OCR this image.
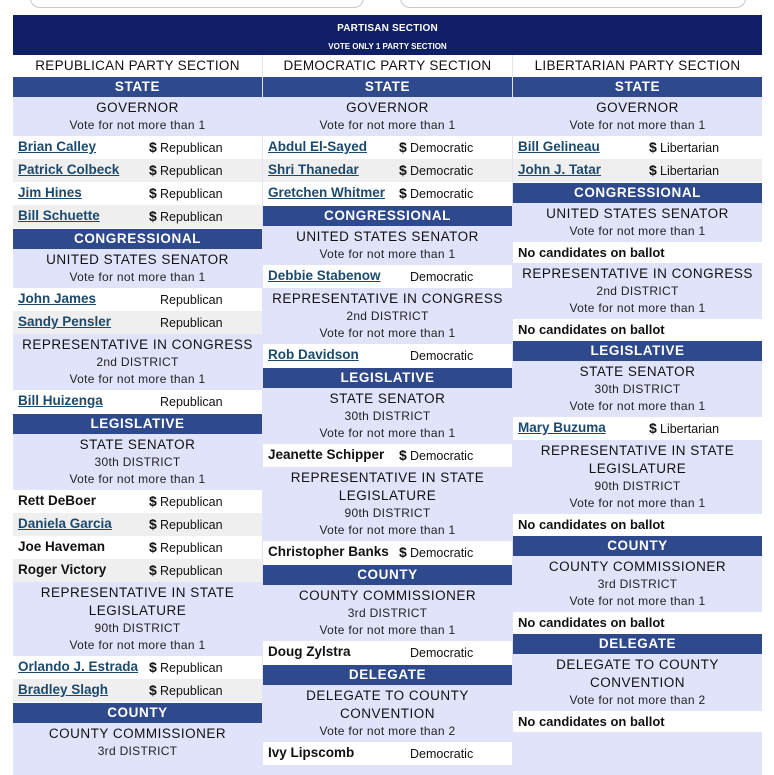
PARTISAN SECTION
VOTE ONLY 1 PARTY SECTION
REPUBLICAN PARTY SECTION
STATE
GOVERNOR
Vote for not more than 1
Brian Calley	$ Republican
Patrick Colbeck $ Republican
Jim Hines	$ Republican
Bill Schuette	$ Republican
CONGRESSIONAL
UNITED STATES SENATOR
Vote for not more than 1
John James	Republican
Sandy Pensler	Republican
REPRESENTATIVE IN CONGRESS
2nd DISTRICT
Vote for not more than 1
Bill Huizenga	Republican
LEGISLATIVE
STATE SENATOR
30th DISTRICT
Vote for not more than 1
Rett DeBoer	$ Republican
Daniela Garcia	$ Republican
Joe Haveman	$ Republican
Roger Victory	$ Republican
REPRESENTATIVE IN STATE LEGISLATURE
90th DISTRICT
Vote for not more than 1
Orlando J. Estrada $ Republican
Bradley Slagh	$ Republican
COUNTY
COUNTY COMMISSIONER
3rd DISTRICT
DEMOCRATIC PARTY SECTION
STATE
GOVERNOR
Vote for not more than 1
Abdul El-Sayed $ Democratic
Shri Thanedar	$ Democratic
Gretchen Whitmer $ Democratic
CONGRESSIONAL
UNITED STATES SENATOR
Vote for not more than 1
Debbie Stabenow Democratic
REPRESENTATIVE IN CONGRESS
2nd DISTRICT
Vote for not more than 1
Rob Davidson	Democratic
LEGISLATIVE
STATE SENATOR
30th DISTRICT
Vote for not more than 1
Jeanette Schipper $ Democratic
REPRESENTATIVE IN STATE LEGISLATURE
90th DISTRICT
Vote for not more than 1
Christopher Banks $ Democratic
COUNTY
COUNTY COMMISSIONER
3rd DISTRICT
Vote for not more than 1
Doug Zylstra	Democratic
DELEGATE
DELEGATE TO COUNTY CONVENTION
Vote for not more than 2
Ivy Lipscomb	Democratic
LIBERTARIAN PARTY SECTION
STATE
GOVERNOR
Vote for not more than 1
Bill Gelineau	$ Libertarian
John J. Tatar	$ Libertarian
CONGRESSIONAL
UNITED STATES SENATOR
Vote for not more than 1
No candidates on ballot
REPRESENTATIVE IN CONGRESS
2nd DISTRICT
Vote for not more than 1
No candidates on ballot
LEGISLATIVE
STATE SENATOR
30th DISTRICT
Vote for not more than 1
Mary Buzuma	$ Libertarian
REPRESENTATIVE IN STATE LEGISLATURE
90th DISTRICT
Vote for not more than 1
No candidates on ballot
COUNTY
COUNTY COMMISSIONER
3rd DISTRICT
Vote for not more than 1
No candidates on ballot
DELEGATE
DELEGATE TO COUNTY CONVENTION
Vote for not more than 2
No candidates on ballot
